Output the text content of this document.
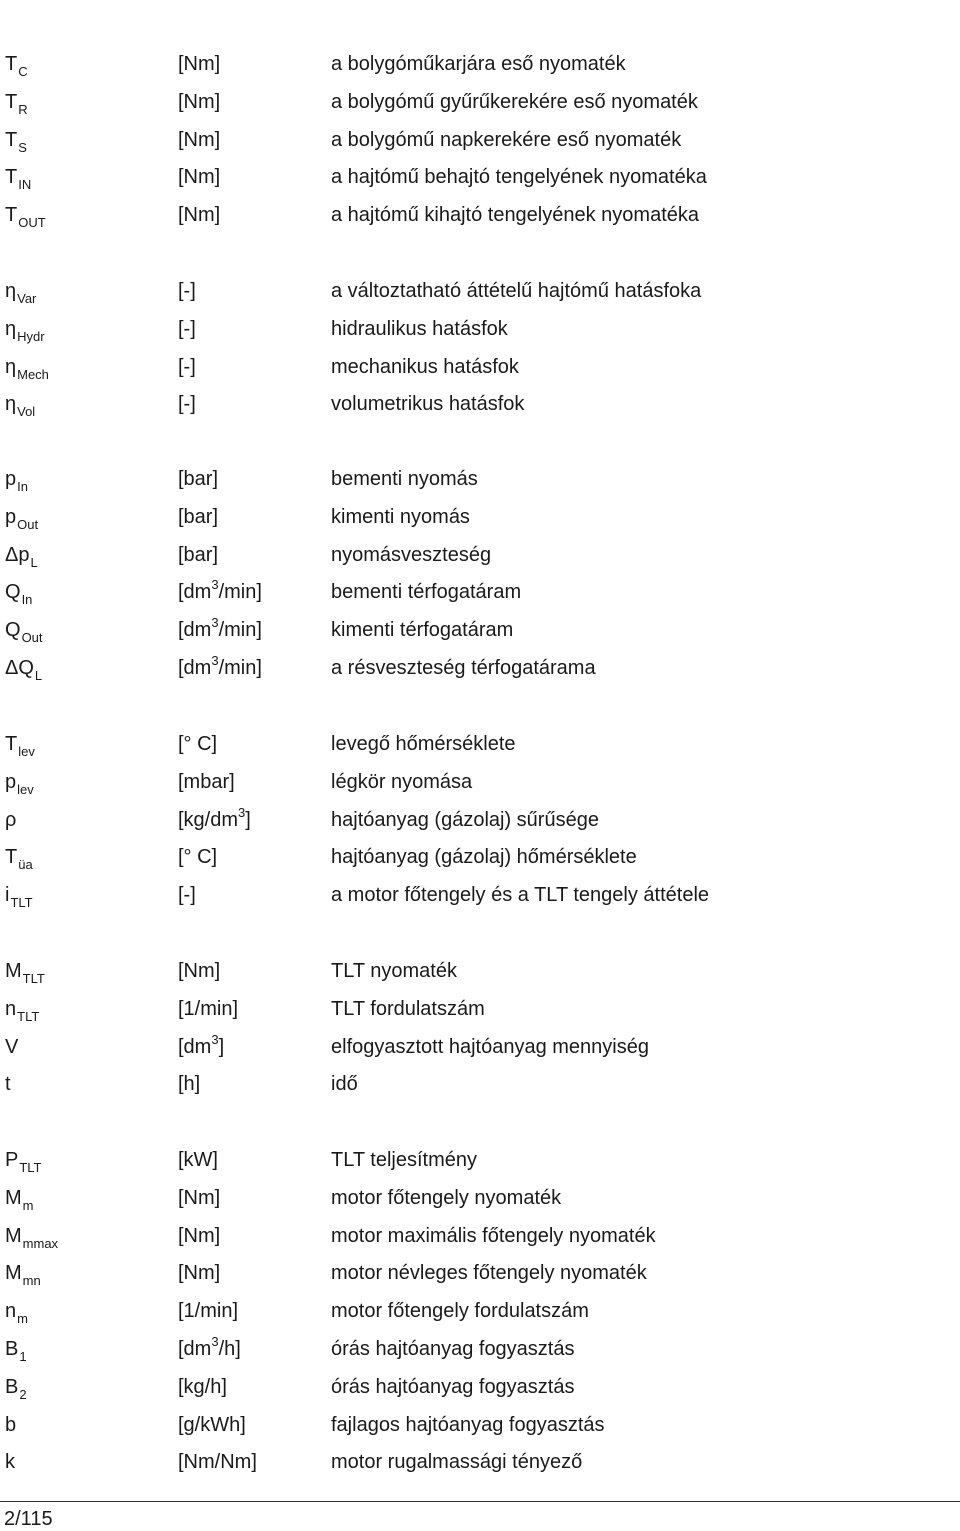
$T_C$	[Nm]	a bolygóműkarjára eső nyomaték
$T_R$	[Nm]	a bolygómű gyűrűkerekére eső nyomaték
$T_S$	[Nm]	a bolygómű napkerekére eső nyomaték
$T_{IN}$	[Nm]	a hajtómű behajtó tengelyének nyomatéka
$T_{OUT}$	[Nm]	a hajtómű kihajtó tengelyének nyomatéka
$\eta_{Var}$	[-]	a változtatható áttételű hajtómű hatásfoka
$\eta_{Hydr}$	[-]	hidraulikus hatásfok
$\eta_{Mech}$	[-]	mechanikus hatásfok
$\eta_{Vol}$	[-]	volumetrikus hatásfok
$p_{In}$	[bar]	bementi nyomás
$p_{Out}$	[bar]	kimenti nyomás
$\Delta p_L$	[bar]	nyomásveszteség
$Q_{In}$	$[dm^3/\min]$	bementi térfogatáram
$Q_{Out}$	$[dm^3/\min]$	kimenti térfogatáram
$\Delta Q_L$	$[dm^3/\min]$	a résveszteség térfogatárama
$T_{lev}$	[° C]	levegő hőmérséklete
$p_{lev}$	[mbar]	légkör nyomása
ρ	$[kg/dm^3]$	hajtóanyag (gázolaj) sűrűsége
$T_{üa}$	[° C]	hajtóanyag (gázolaj) hőmérséklete
$i_{TLT}$	[-]	a motor főtengely és a TLT tengely áttétele
$M_{TLT}$	[Nm]	TLT nyomaték
$n_{TLT}$	[1/min]	TLT fordulatszám
V	$[dm^3]$	elfogyasztott hajtóanyag mennyiség
t	[h]	idő
$P_{TLT}$	[kW]	TLT teljesítmény
$M_m$	[Nm]	motor főtengely nyomaték
$M_{mmax}$	[Nm]	motor maximális főtengely nyomaték
$M_{mn}$	[Nm]	motor névleges főtengely nyomaték
$n_m$	[1/min]	motor főtengely fordulatszám
$B_1$	$[dm^3/h]$	órás hajtóanyag fogyasztás
$B_2$	[kg/h]	órás hajtóanyag fogyasztás
b	[g/kWh]	fajlagos hajtóanyag fogyasztás
k	[Nm/Nm]	motor rugalmassági tényező
2/115
